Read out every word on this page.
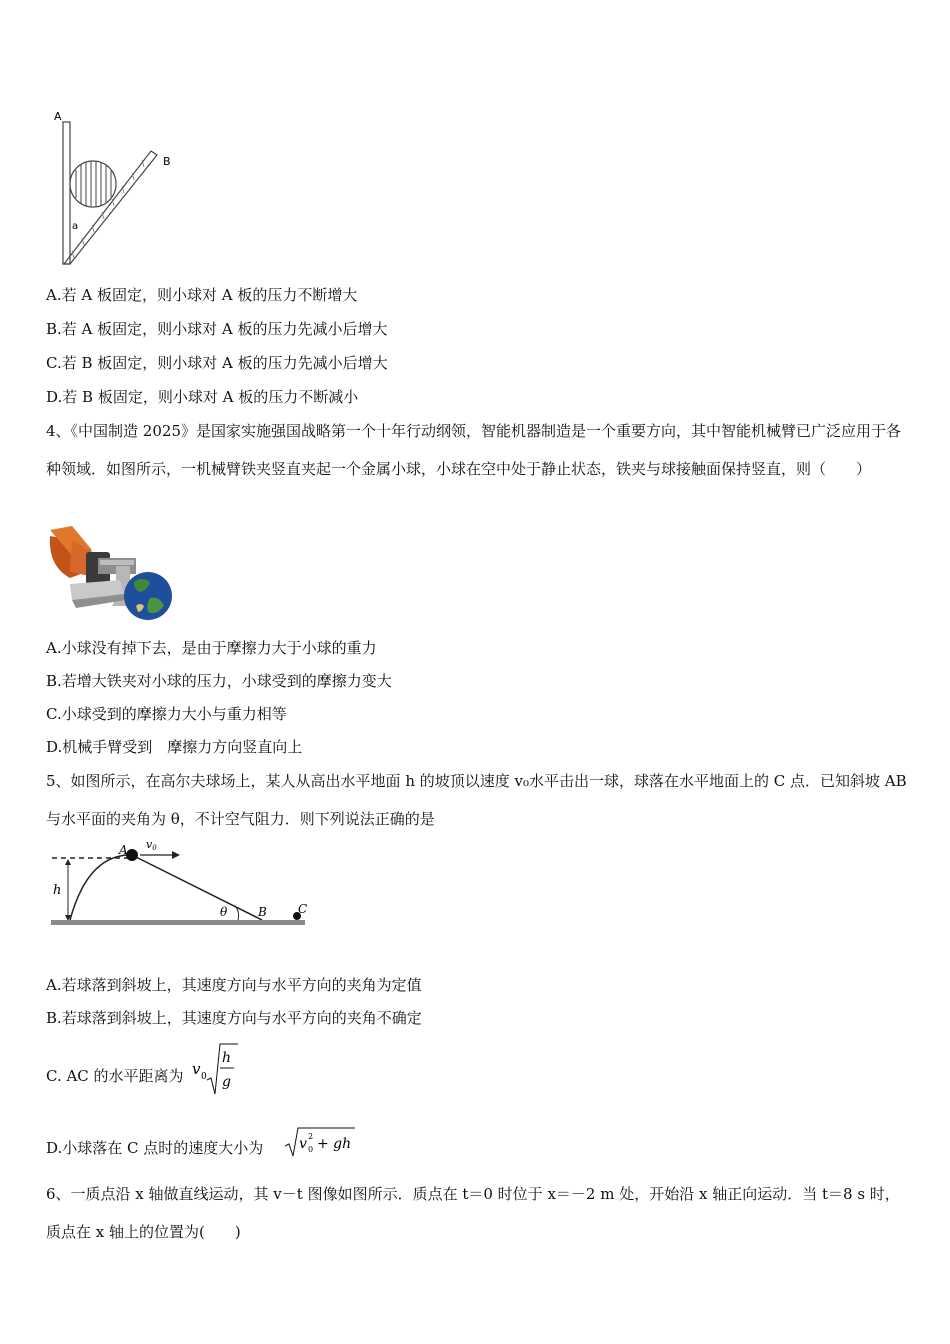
A
B
a
A.若 A 板固定，则小球对 A 板的压力不断增大
B.若 A 板固定，则小球对 A 板的压力先减小后增大
C.若 B 板固定，则小球对 A 板的压力先减小后增大
D.若 B 板固定，则小球对 A 板的压力不断减小
4、《中国制造 2025》是国家实施强国战略第一个十年行动纲领，智能机器制造是一个重要方向，其中智能机械臂已广泛应用于各种领域．如图所示，一机械臂铁夹竖直夹起一个金属小球，小球在空中处于静止状态，铁夹与球接触面保持竖直，则（　　）
A.小球没有掉下去，是由于摩擦力大于小球的重力
B.若增大铁夹对小球的压力，小球受到的摩擦力变大
C.小球受到的摩擦力大小与重力相等
D.机械手臂受到　摩擦力方向竖直向上
5、如图所示，在高尔夫球场上，某人从高出水平地面 h 的坡顶以速度 v₀水平击出一球，球落在水平地面上的 C 点．已知斜坡 AB 与水平面的夹角为 θ，不计空气阻力．则下列说法正确的是
h
θ
A v0
B	C
A.若球落到斜坡上，其速度方向与水平方向的夹角为定值
B.若球落到斜坡上，其速度方向与水平方向的夹角不确定
C. AC 的水平距离为 v 0
h
g
D.小球落在 C 点时的速度大小为	v 2
0 + gh
6、一质点沿 x 轴做直线运动，其 v－t 图像如图所示．质点在 t＝0 时位于 x＝－2 m 处，开始沿 x 轴正向运动．当 t＝8 s 时，
质点在 x 轴上的位置为(　　)
